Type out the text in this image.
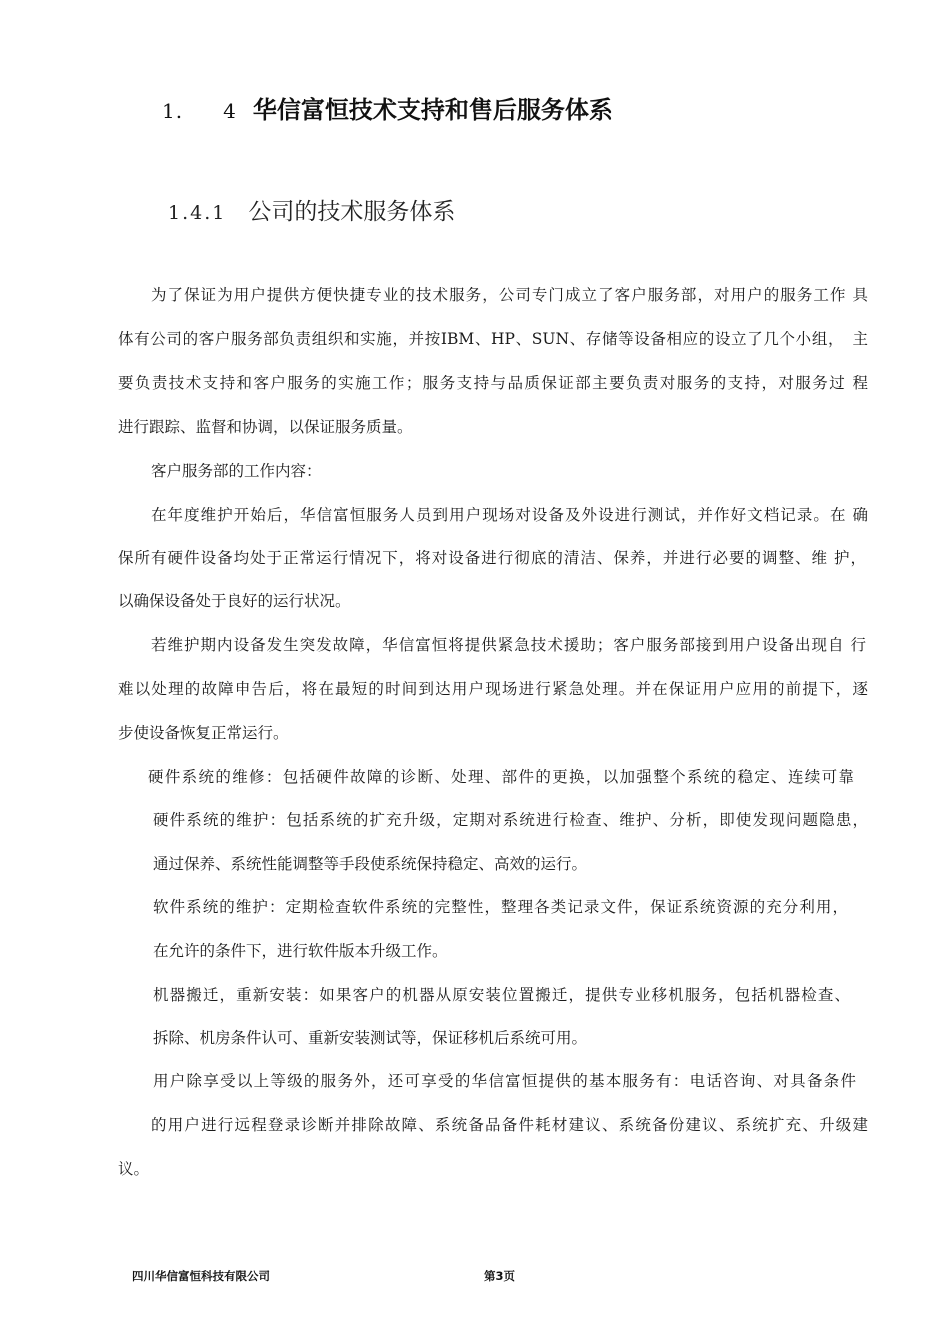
1. 4 华信富恒技术支持和售后服务体系
1.4.1 公司的技术服务体系
为了保证为用户提供方便快捷专业的技术服务，公司专门成立了客户服务部，对用户的服务工作 具
体有公司的客户服务部负责组织和实施，并按IBM、HP、SUN、存储等设备相应的设立了几个小组，　主
要负责技术支持和客户服务的实施工作；服务支持与品质保证部主要负责对服务的支持，对服务过 程
进行跟踪、监督和协调，以保证服务质量。
客户服务部的工作内容：
在年度维护开始后，华信富恒服务人员到用户现场对设备及外设进行测试，并作好文档记录。在 确
保所有硬件设备均处于正常运行情况下，将对设备进行彻底的清洁、保养，并进行必要的调整、维 护，
以确保设备处于良好的运行状况。
若维护期内设备发生突发故障，华信富恒将提供紧急技术援助；客户服务部接到用户设备出现自 行
难以处理的故障申告后，将在最短的时间到达用户现场进行紧急处理。并在保证用户应用的前提下，逐
步使设备恢复正常运行。
硬件系统的维修：包括硬件故障的诊断、处理、部件的更换，以加强整个系统的稳定、连续可靠
硬件系统的维护：包括系统的扩充升级，定期对系统进行检查、维护、分析，即使发现问题隐患，
通过保养、系统性能调整等手段使系统保持稳定、高效的运行。
软件系统的维护：定期检查软件系统的完整性，整理各类记录文件，保证系统资源的充分利用，
在允许的条件下，进行软件版本升级工作。
机器搬迁，重新安装：如果客户的机器从原安装位置搬迁，提供专业移机服务，包括机器检查、
拆除、机房条件认可、重新安装测试等，保证移机后系统可用。
用户除享受以上等级的服务外，还可享受的华信富恒提供的基本服务有：电话咨询、对具备条件
的用户进行远程登录诊断并排除故障、系统备品备件耗材建议、系统备份建议、系统扩充、升级建
议。
四川华信富恒科技有限公司	第3页
